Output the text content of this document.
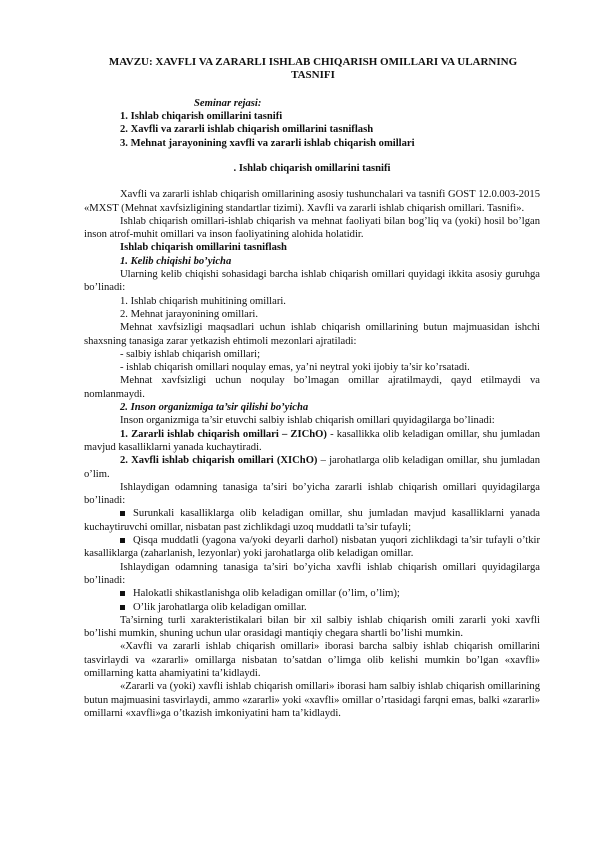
MAVZU: XAVFLI VA ZARARLI ISHLAB CHIQARISH OMILLARI VA ULARNING TASNIFI
Seminar rejasi:
1. Ishlab chiqarish omillarini tasnifi
2. Xavfli va zararli ishlab chiqarish omillarini tasniflash
3. Mehnat jarayonining xavfli va zararli ishlab chiqarish omillari
. Ishlab chiqarish omillarini tasnifi

Xavfli va zararli ishlab chiqarish omillarining asosiy tushunchalari va tasnifi GOST 12.0.003-2015 «MXST (Mehnat xavfsizligining standartlar tizimi). Xavfli va zararli ishlab chiqarish omillari. Tasnifi».

Ishlab chiqarish omillari-ishlab chiqarish va mehnat faoliyati bilan bog’liq va (yoki) hosil bo’lgan inson atrof-muhit omillari va inson faoliyatining alohida holatidir.

Ishlab chiqarish omillarini tasniflash

1. Kelib chiqishi bo’yicha

Ularning kelib chiqishi sohasidagi barcha ishlab chiqarish omillari quyidagi ikkita asosiy guruhga bo’linadi:

1. Ishlab chiqarish muhitining omillari.
2. Mehnat jarayonining omillari.

Mehnat xavfsizligi maqsadlari uchun ishlab chiqarish omillarining butun majmuasidan ishchi shaxsning tanasiga zarar yetkazish ehtimoli mezonlari ajratiladi:

- salbiy ishlab chiqarish omillari;
- ishlab chiqarish omillari noqulay emas, ya’ni neytral yoki ijobiy ta’sir ko’rsatadi.

Mehnat xavfsizligi uchun noqulay bo’lmagan omillar ajratilmaydi, qayd etilmaydi va nomlanmaydi.

2. Inson organizmiga ta’sir qilishi bo’yicha

Inson organizmiga ta’sir etuvchi salbiy ishlab chiqarish omillari quyidagilarga bo’linadi:

1. Zararli ishlab chiqarish omillari – ZIChO) - kasallikka olib keladigan omillar, shu jumladan mavjud kasalliklarni yanada kuchaytiradi.

2. Xavfli ishlab chiqarish omillari (XIChO) – jarohatlarga olib keladigan omillar, shu jumladan o’lim.

Ishlaydigan odamning tanasiga ta’siri bo’yicha zararli ishlab chiqarish omillari quyidagilarga bo’linadi:

Surunkali kasalliklarga olib keladigan omillar, shu jumladan mavjud kasalliklarni yanada kuchaytiruvchi omillar, nisbatan past zichlikdagi uzoq muddatli ta’sir tufayli;
Qisqa muddatli (yagona va/yoki deyarli darhol) nisbatan yuqori zichlikdagi ta’sir tufayli o’tkir kasalliklarga (zaharlanish, lezyonlar) yoki jarohatlarga olib keladigan omillar.

Ishlaydigan odamning tanasiga ta’siri bo’yicha xavfli ishlab chiqarish omillari quyidagilarga bo’linadi:

Halokatli shikastlanishga olib keladigan omillar (o’lim, o’lim);
O’lik jarohatlarga olib keladigan omillar.

Ta’sirning turli xarakteristikalari bilan bir xil salbiy ishlab chiqarish omili zararli yoki xavfli bo’lishi mumkin, shuning uchun ular orasidagi mantiqiy chegara shartli bo’lishi mumkin.

«Xavfli va zararli ishlab chiqarish omillari» iborasi barcha salbiy ishlab chiqarish omillarini tasvirlaydi va «zararli» omillarga nisbatan to’satdan o’limga olib kelishi mumkin bo’lgan «xavfli» omillarning katta ahamiyatini ta’kidlaydi.

«Zararli va (yoki) xavfli ishlab chiqarish omillari» iborasi ham salbiy ishlab chiqarish omillarining butun majmuasini tasvirlaydi, ammo «zararli» yoki «xavfli» omillar o’rtasidagi farqni emas, balki «zararli» omillarni «xavfli»ga o’tkazish imkoniyatini ham ta’kidlaydi.
